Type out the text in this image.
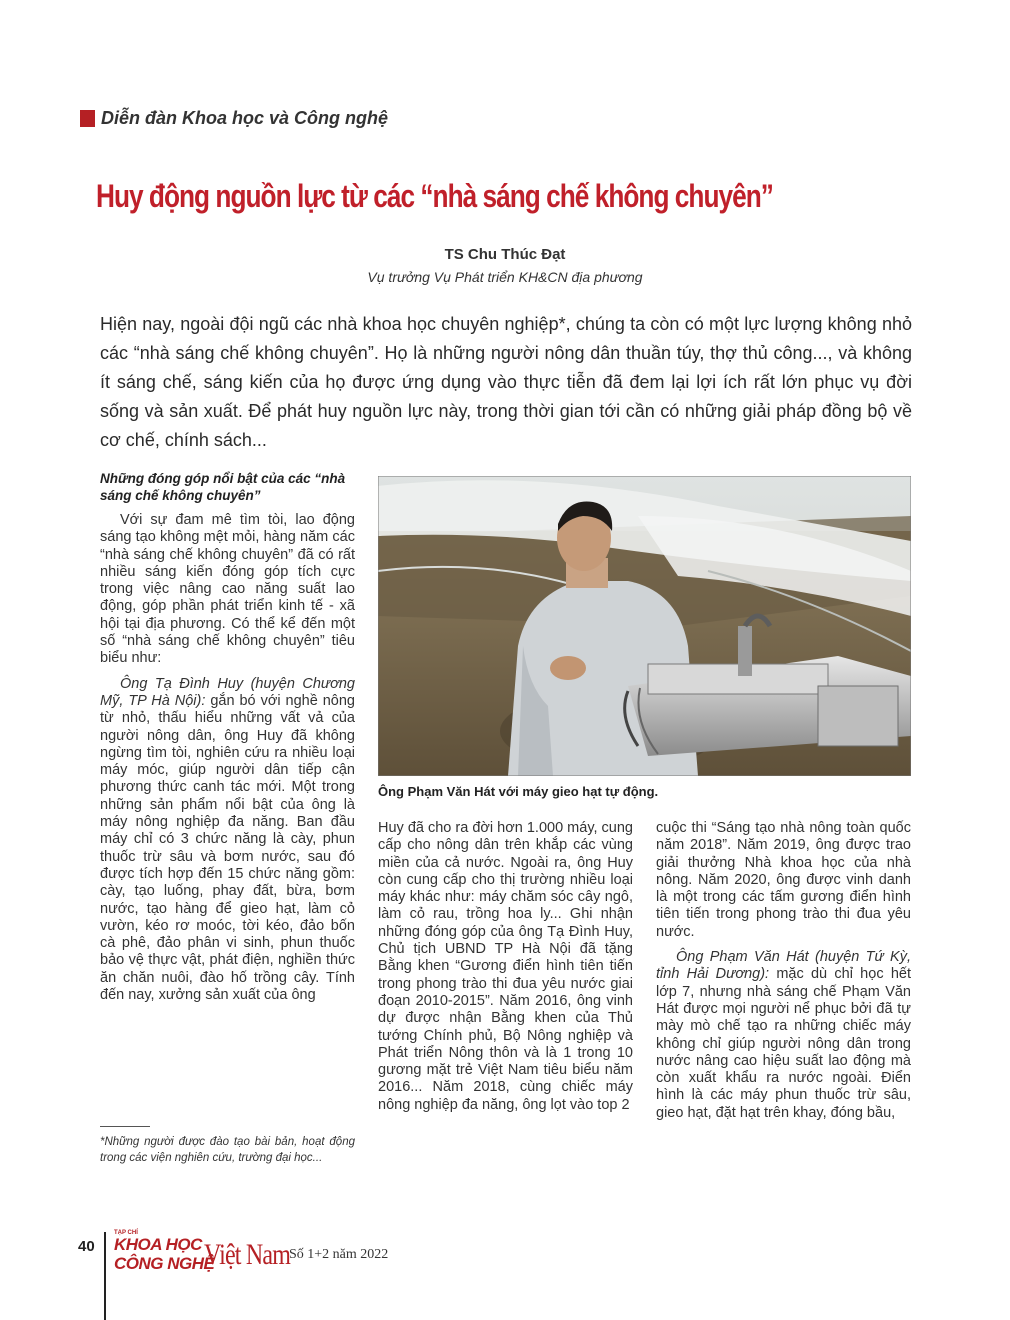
Diễn đàn Khoa học và Công nghệ
Huy động nguồn lực từ các “nhà sáng chế không chuyên”
TS Chu Thúc Đạt
Vụ trưởng Vụ Phát triển KH&CN địa phương
Hiện nay, ngoài đội ngũ các nhà khoa học chuyên nghiệp*, chúng ta còn có một lực lượng không nhỏ các “nhà sáng chế không chuyên”. Họ là những người nông dân thuần túy, thợ thủ công..., và không ít sáng chế, sáng kiến của họ được ứng dụng vào thực tiễn đã đem lại lợi ích rất lớn phục vụ đời sống và sản xuất. Để phát huy nguồn lực này, trong thời gian tới cần có những giải pháp đồng bộ về cơ chế, chính sách...
Những đóng góp nổi bật của các “nhà sáng chế không chuyên”

Với sự đam mê tìm tòi, lao động sáng tạo không mệt mỏi, hàng năm các “nhà sáng chế không chuyên” đã có rất nhiều sáng kiến đóng góp tích cực trong việc nâng cao năng suất lao động, góp phần phát triển kinh tế - xã hội tại địa phương. Có thể kể đến một số “nhà sáng chế không chuyên” tiêu biểu như:

Ông Tạ Đình Huy (huyện Chương Mỹ, TP Hà Nội): gắn bó với nghề nông từ nhỏ, thấu hiểu những vất vả của người nông dân, ông Huy đã không ngừng tìm tòi, nghiên cứu ra nhiều loại máy móc, giúp người dân tiếp cận phương thức canh tác mới. Một trong những sản phẩm nổi bật của ông là máy nông nghiệp đa năng. Ban đầu máy chỉ có 3 chức năng là cày, phun thuốc trừ sâu và bơm nước, sau đó được tích hợp đến 15 chức năng gồm: cày, tạo luống, phay đất, bừa, bơm nước, tạo hàng để gieo hạt, làm cỏ vườn, kéo rơ moóc, tời kéo, đảo bốn cà phê, đảo phân vi sinh, phun thuốc bảo vệ thực vật, phát điện, nghiền thức ăn chăn nuôi, đào hố trồng cây. Tính đến nay, xưởng sản xuất của ông

Ông Phạm Văn Hát với máy gieo hạt tự động.

Huy đã cho ra đời hơn 1.000 máy, cung cấp cho nông dân trên khắp các vùng miền của cả nước. Ngoài ra, ông Huy còn cung cấp cho thị trường nhiều loại máy khác như: máy chăm sóc cây ngô, làm cỏ rau, trồng hoa ly... Ghi nhận những đóng góp của ông Tạ Đình Huy, Chủ tịch UBND TP Hà Nội đã tặng Bằng khen “Gương điển hình tiên tiến trong phong trào thi đua yêu nước giai đoạn 2010-2015”. Năm 2016, ông vinh dự được nhận Bằng khen của Thủ tướng Chính phủ, Bộ Nông nghiệp và Phát triển Nông thôn và là 1 trong 10 gương mặt trẻ Việt Nam tiêu biểu năm 2016... Năm 2018, cùng chiếc máy nông nghiệp đa năng, ông lọt vào top 2

cuộc thi “Sáng tạo nhà nông toàn quốc năm 2018”. Năm 2019, ông được trao giải thưởng Nhà khoa học của nhà nông. Năm 2020, ông được vinh danh là một trong các tấm gương điển hình tiên tiến trong phong trào thi đua yêu nước.

Ông Phạm Văn Hát (huyện Tứ Kỳ, tỉnh Hải Dương): mặc dù chỉ học hết lớp 7, nhưng nhà sáng chế Phạm Văn Hát được mọi người nể phục bởi đã tự mày mò chế tạo ra những chiếc máy không chỉ giúp người nông dân trong nước nâng cao hiệu suất lao động mà còn xuất khẩu ra nước ngoài. Điển hình là các máy phun thuốc trừ sâu, gieo hạt, đặt hạt trên khay, đóng bầu,

*Những người được đào tạo bài bản, hoạt động trong các viện nghiên cứu, trường đại học...
40
TẠP CHÍ
KHOA HỌC
CÔNG NGHỆ
Việt Nam
Số 1+2 năm 2022
